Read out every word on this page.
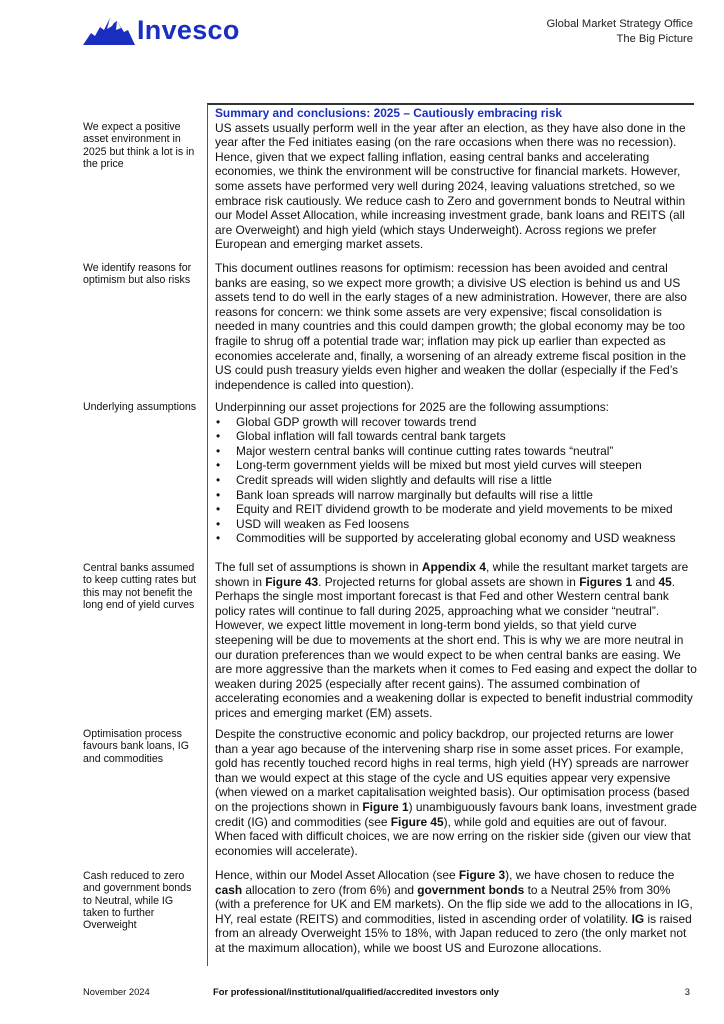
Invesco	Global Market Strategy Office
The Big Picture
We expect a positive asset environment in 2025 but think a lot is in the price
We identify reasons for optimism but also risks
Underlying assumptions
Central banks assumed to keep cutting rates but this may not benefit the long end of yield curves
Optimisation process favours bank loans, IG and commodities
Cash reduced to zero and government bonds to Neutral, while IG taken to further Overweight

Summary and conclusions: 2025 – Cautiously embracing risk

US assets usually perform well in the year after an election, as they have also done in the year after the Fed initiates easing (on the rare occasions when there was no recession). Hence, given that we expect falling inflation, easing central banks and accelerating economies, we think the environment will be constructive for financial markets. However, some assets have performed very well during 2024, leaving valuations stretched, so we embrace risk cautiously. We reduce cash to Zero and government bonds to Neutral within our Model Asset Allocation, while increasing investment grade, bank loans and REITS (all are Overweight) and high yield (which stays Underweight). Across regions we prefer European and emerging market assets.

This document outlines reasons for optimism: recession has been avoided and central banks are easing, so we expect more growth; a divisive US election is behind us and US assets tend to do well in the early stages of a new administration. However, there are also reasons for concern: we think some assets are very expensive; fiscal consolidation is needed in many countries and this could dampen growth; the global economy may be too fragile to shrug off a potential trade war; inflation may pick up earlier than expected as economies accelerate and, finally, a worsening of an already extreme fiscal position in the US could push treasury yields even higher and weaken the dollar (especially if the Fed’s independence is called into question).

Underpinning our asset projections for 2025 are the following assumptions:

• Global GDP growth will recover towards trend
• Global inflation will fall towards central bank targets
• Major western central banks will continue cutting rates towards “neutral”
• Long-term government yields will be mixed but most yield curves will steepen
• Credit spreads will widen slightly and defaults will rise a little
• Bank loan spreads will narrow marginally but defaults will rise a little
• Equity and REIT dividend growth to be moderate and yield movements to be mixed
• USD will weaken as Fed loosens
• Commodities will be supported by accelerating global economy and USD weakness
The full set of assumptions is shown in Appendix 4, while the resultant market targets are shown in Figure 43. Projected returns for global assets are shown in Figures 1 and 45. Perhaps the single most important forecast is that Fed and other Western central bank policy rates will continue to fall during 2025, approaching what we consider “neutral”. However, we expect little movement in long-term bond yields, so that yield curve steepening will be due to movements at the short end. This is why we are more neutral in our duration preferences than we would expect to be when central banks are easing. We are more aggressive than the markets when it comes to Fed easing and expect the dollar to weaken during 2025 (especially after recent gains). The assumed combination of accelerating economies and a weakening dollar is expected to benefit industrial commodity prices and emerging market (EM) assets.
Despite the constructive economic and policy backdrop, our projected returns are lower than a year ago because of the intervening sharp rise in some asset prices. For example, gold has recently touched record highs in real terms, high yield (HY) spreads are narrower than we would expect at this stage of the cycle and US equities appear very expensive (when viewed on a market capitalisation weighted basis). Our optimisation process (based on the projections shown in Figure 1) unambiguously favours bank loans, investment grade credit (IG) and commodities (see Figure 45), while gold and equities are out of favour. When faced with difficult choices, we are now erring on the riskier side (given our view that economies will accelerate).
Hence, within our Model Asset Allocation (see Figure 3), we have chosen to reduce the cash allocation to zero (from 6%) and government bonds to a Neutral 25% from 30% (with a preference for UK and EM markets). On the flip side we add to the allocations in IG, HY, real estate (REITS) and commodities, listed in ascending order of volatility. IG is raised from an already Overweight 15% to 18%, with Japan reduced to zero (the only market not at the maximum allocation), while we boost US and Eurozone allocations.
November 2024	For professional/institutional/qualified/accredited investors only	3
